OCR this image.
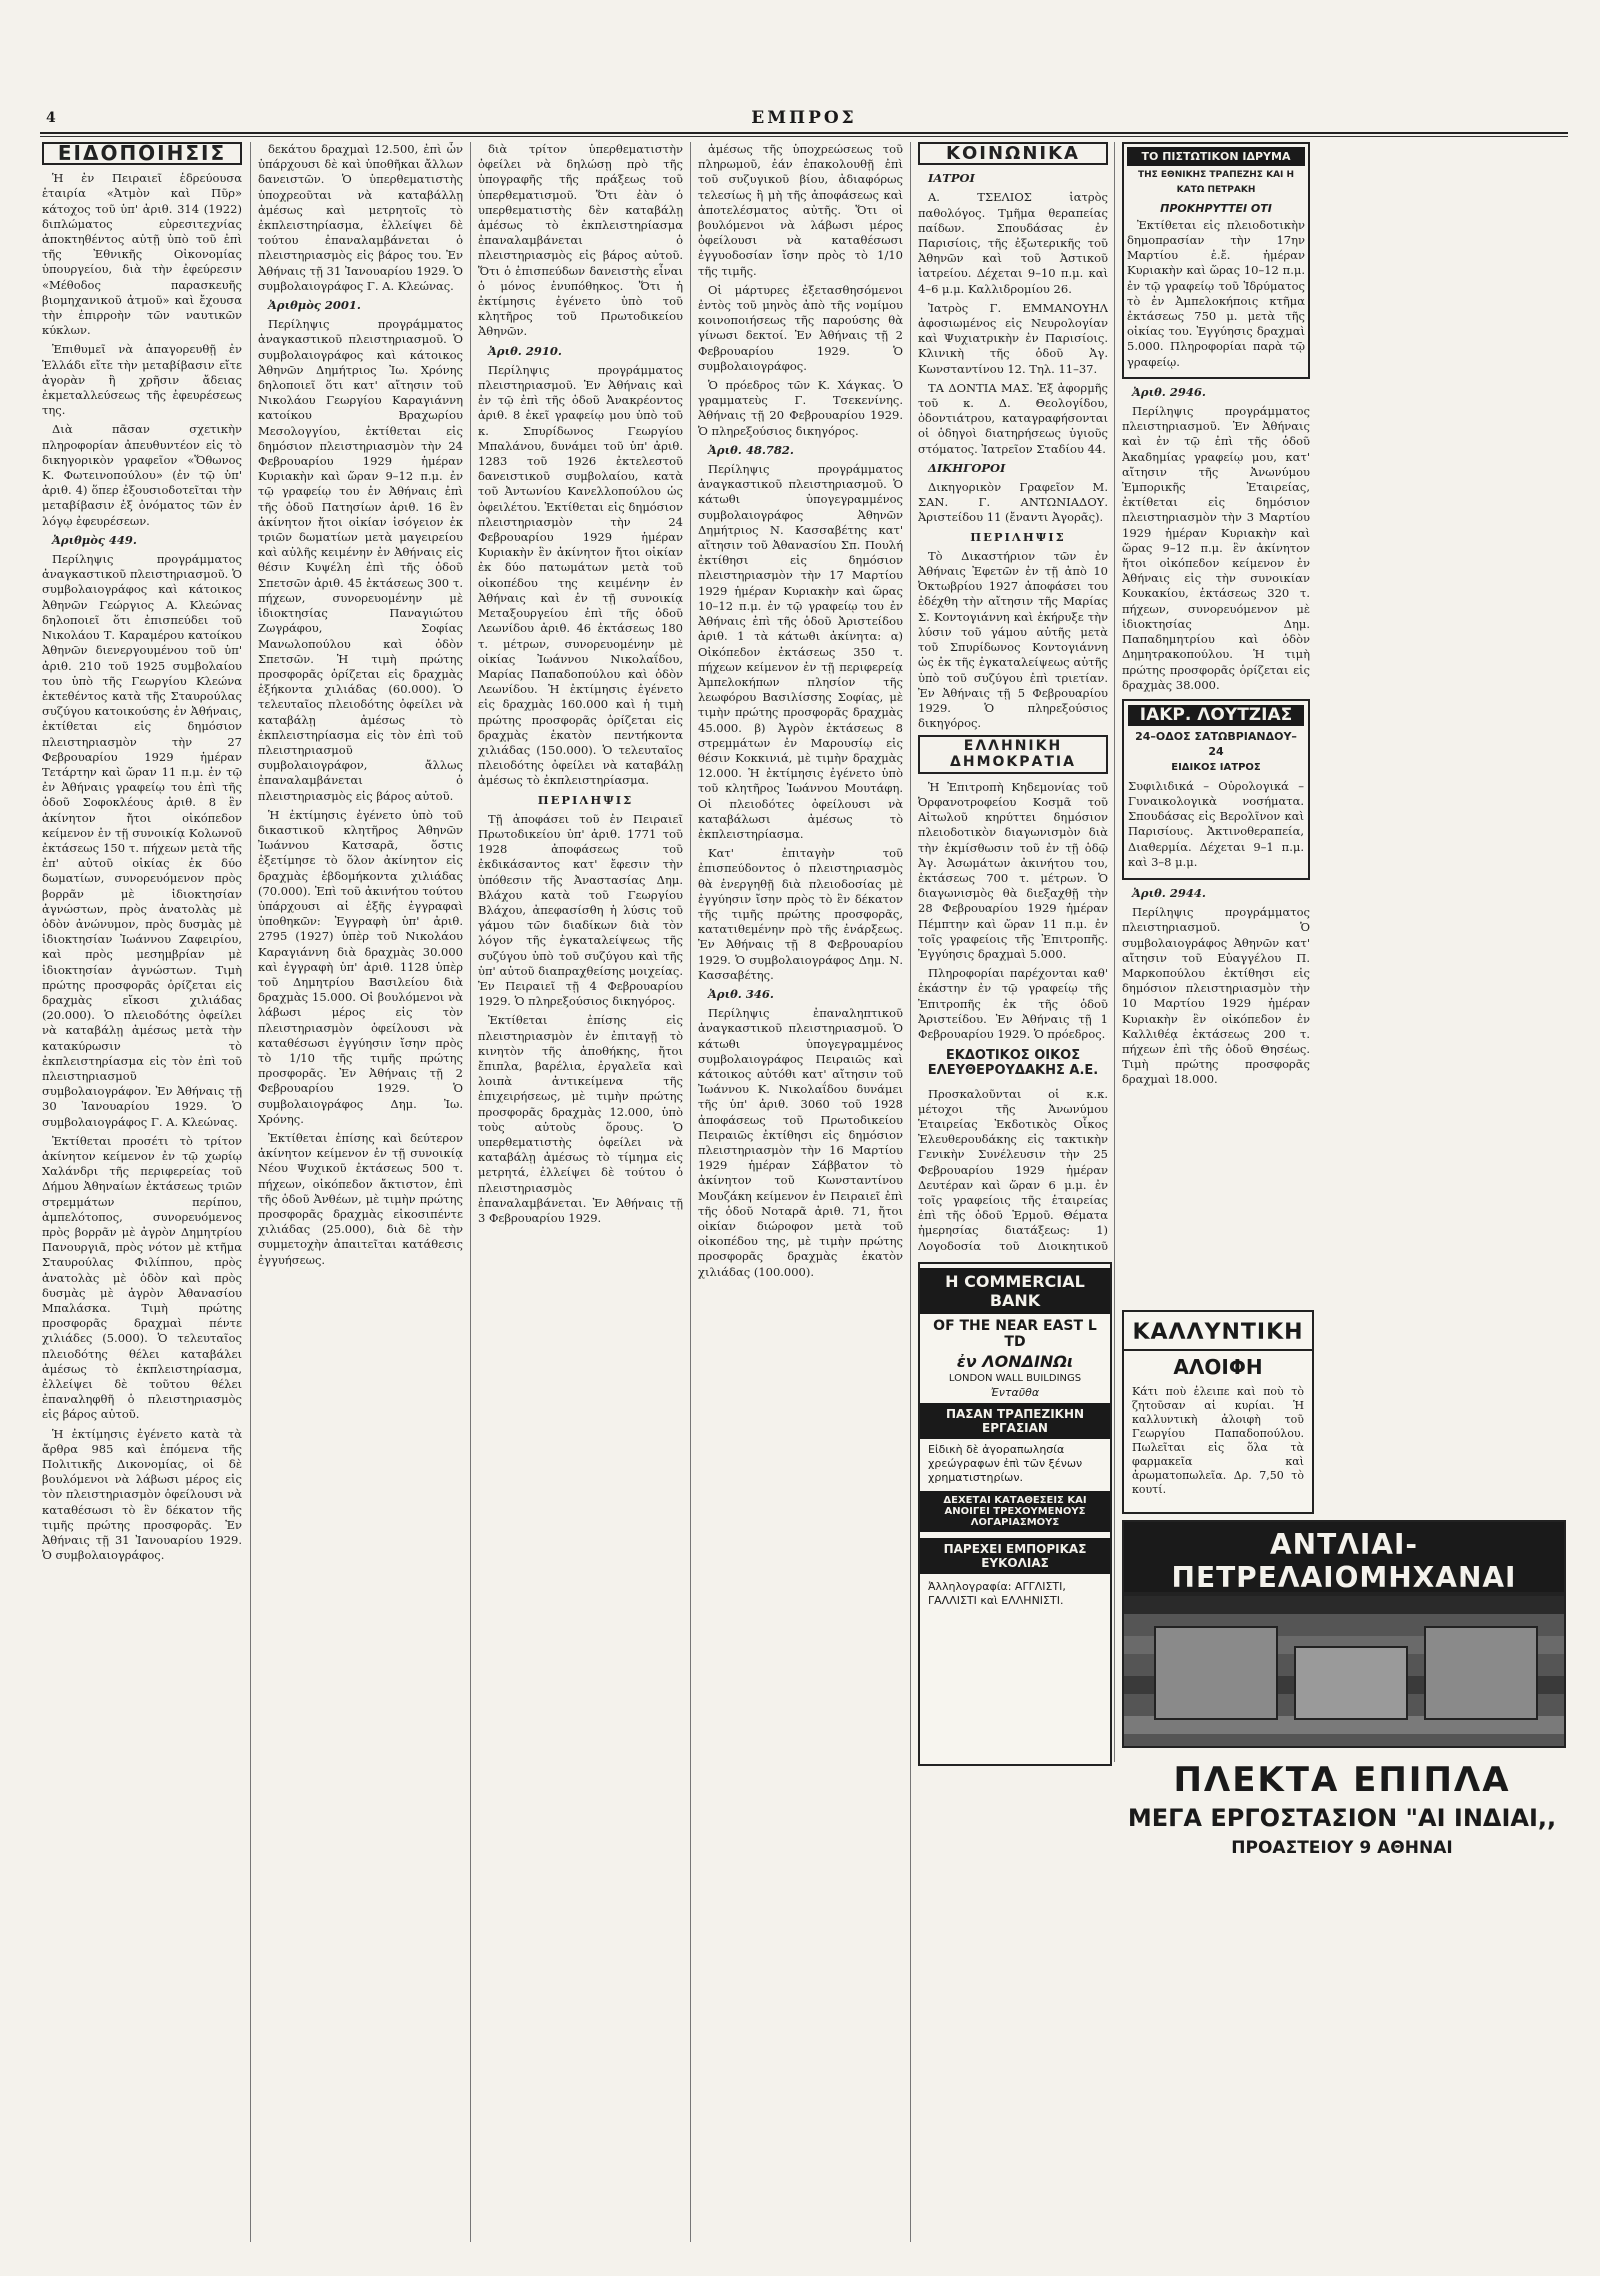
4	ΕΜΠΡΟΣ
ΕΙΔΟΠΟΙΗΣΙΣ

Ἡ ἐν Πειραιεῖ ἑδρεύουσα ἑταιρία «Ἀτμὸν καὶ Πῦρ» κάτοχος τοῦ ὑπ' ἀριθ. 314 (1922) διπλώματος εὑρεσιτεχνίας ἀποκτηθέντος αὐτῇ ὑπὸ τοῦ ἐπὶ τῆς Ἐθνικῆς Οἰκονομίας ὑπουργείου, διὰ τὴν ἐφεύρεσιν «Μέθοδος παρασκευῆς βιομηχανικοῦ ἀτμοῦ» καὶ ἔχουσα τὴν ἐπιρροὴν τῶν ναυτικῶν κύκλων.

Ἐπιθυμεῖ νὰ ἀπαγορευθῇ ἐν Ἑλλάδι εἴτε τὴν μεταβίβασιν εἴτε ἀγορὰν ἢ χρῆσιν ἄδειας ἐκμεταλλεύσεως τῆς ἐφευρέσεως της.

Διὰ πᾶσαν σχετικὴν πληροφορίαν ἀπευθυντέον εἰς τὸ δικηγορικὸν γραφεῖον «Ὅθωνος Κ. Φωτεινοπούλου» (ἐν τῷ ὑπ' ἀριθ. 4) ὅπερ ἐξουσιοδοτεῖται τὴν μεταβίβασιν ἐξ ὀνόματος τῶν ἐν λόγῳ ἐφευρέσεων.

Ἀριθμὸς 449.

Περίληψις προγράμματος ἀναγκαστικοῦ πλειστηριασμοῦ. Ὁ συμβολαιογράφος καὶ κάτοικος Ἀθηνῶν Γεώργιος Α. Κλεώνας δηλοποιεῖ ὅτι ἐπισπεύδει τοῦ Νικολάου Τ. Καραμέρου κατοίκου Ἀθηνῶν διενεργουμένου τοῦ ὑπ' ἀριθ. 210 τοῦ 1925 συμβολαίου του ὑπὸ τῆς Γεωργίου Κλεώνα ἐκτεθέντος κατὰ τῆς Σταυρούλας συζύγου κατοικούσης ἐν Ἀθήναις, ἐκτίθεται εἰς δημόσιον πλειστηριασμὸν τὴν 27 Φεβρουαρίου 1929 ἡμέραν Τετάρτην καὶ ὥραν 11 π.μ. ἐν τῷ ἐν Ἀθήναις γραφείῳ του ἐπὶ τῆς ὁδοῦ Σοφοκλέους ἀριθ. 8 ἓν ἀκίνητον ἤτοι οἰκόπεδον κείμενον ἐν τῇ συνοικίᾳ Κολωνοῦ ἐκτάσεως 150 τ. πήχεων μετὰ τῆς ἐπ' αὐτοῦ οἰκίας ἐκ δύο δωματίων, συνορευόμενον πρὸς βορρᾶν μὲ ἰδιοκτησίαν ἀγνώστων, πρὸς ἀνατολὰς μὲ ὁδὸν ἀνώνυμον, πρὸς δυσμὰς μὲ ἰδιοκτησίαν Ἰωάννου Ζαφειρίου, καὶ πρὸς μεσημβρίαν μὲ ἰδιοκτησίαν ἀγνώστων. Τιμὴ πρώτης προσφορᾶς ὁρίζεται εἰς δραχμὰς εἴκοσι χιλιάδας (20.000). Ὁ πλειοδότης ὀφείλει νὰ καταβάλῃ ἀμέσως μετὰ τὴν κατακύρωσιν τὸ ἐκπλειστηρίασμα εἰς τὸν ἐπὶ τοῦ πλειστηριασμοῦ συμβολαιογράφον. Ἐν Ἀθήναις τῇ 30 Ἰανουαρίου 1929. Ὁ συμβολαιογράφος Γ. Α. Κλεώνας.

Ἐκτίθεται προσέτι τὸ τρίτον ἀκίνητον κείμενον ἐν τῷ χωρίῳ Χαλάνδρι τῆς περιφερείας τοῦ Δήμου Ἀθηναίων ἐκτάσεως τριῶν στρεμμάτων περίπου, ἀμπελότοπος, συνορευόμενος πρὸς βορρᾶν μὲ ἀγρὸν Δημητρίου Πανουργιᾶ, πρὸς νότον μὲ κτῆμα Σταυρούλας Φιλίππου, πρὸς ἀνατολὰς μὲ ὁδὸν καὶ πρὸς δυσμὰς μὲ ἀγρὸν Ἀθανασίου Μπαλάσκα. Τιμὴ πρώτης προσφορᾶς δραχμαὶ πέντε χιλιάδες (5.000). Ὁ τελευταῖος πλειοδότης θέλει καταβάλει ἀμέσως τὸ ἐκπλειστηρίασμα, ἐλλείψει δὲ τοῦτου θέλει ἐπαναληφθῆ ὁ πλειστηριασμὸς εἰς βάρος αὐτοῦ.

Ἡ ἐκτίμησις ἐγένετο κατὰ τὰ ἄρθρα 985 καὶ ἑπόμενα τῆς Πολιτικῆς Δικονομίας, οἱ δὲ βουλόμενοι νὰ λάβωσι μέρος εἰς τὸν πλειστηριασμὸν ὀφείλουσι νὰ καταθέσωσι τὸ ἓν δέκατον τῆς τιμῆς πρώτης προσφορᾶς. Ἐν Ἀθήναις τῇ 31 Ἰανουαρίου 1929. Ὁ συμβολαιογράφος.

δεκάτου δραχμαὶ 12.500, ἐπὶ ὧν ὑπάρχουσι δὲ καὶ ὑποθῆκαι ἄλλων δανειστῶν. Ὁ ὑπερθεματιστὴς ὑποχρεοῦται νὰ καταβάλλῃ ἀμέσως καὶ μετρητοῖς τὸ ἐκπλειστηρίασμα, ἐλλείψει δὲ τούτου ἐπαναλαμβάνεται ὁ πλειστηριασμὸς εἰς βάρος του. Ἐν Ἀθήναις τῇ 31 Ἰανουαρίου 1929. Ὁ συμβολαιογράφος Γ. Α. Κλεώνας.

Ἀριθμὸς 2001.

Περίληψις προγράμματος ἀναγκαστικοῦ πλειστηριασμοῦ. Ὁ συμβολαιογράφος καὶ κάτοικος Ἀθηνῶν Δημήτριος Ἰω. Χρόνης δηλοποιεῖ ὅτι κατ' αἴτησιν τοῦ Νικολάου Γεωργίου Καραγιάννη κατοίκου Βραχωρίου Μεσολογγίου, ἐκτίθεται εἰς δημόσιον πλειστηριασμὸν τὴν 24 Φεβρουαρίου 1929 ἡμέραν Κυριακὴν καὶ ὥραν 9–12 π.μ. ἐν τῷ γραφείῳ του ἐν Ἀθήναις ἐπὶ τῆς ὁδοῦ Πατησίων ἀριθ. 16 ἓν ἀκίνητον ἤτοι οἰκίαν ἰσόγειον ἐκ τριῶν δωματίων μετὰ μαγειρείου καὶ αὐλῆς κειμένην ἐν Ἀθήναις εἰς θέσιν Κυψέλη ἐπὶ τῆς ὁδοῦ Σπετσῶν ἀριθ. 45 ἐκτάσεως 300 τ. πήχεων, συνορευομένην μὲ ἰδιοκτησίας Παναγιώτου Ζωγράφου, Σοφίας Μανωλοπούλου καὶ ὁδὸν Σπετσῶν. Ἡ τιμὴ πρώτης προσφορᾶς ὁρίζεται εἰς δραχμὰς ἑξήκοντα χιλιάδας (60.000). Ὁ τελευταῖος πλειοδότης ὀφείλει νὰ καταβάλῃ ἀμέσως τὸ ἐκπλειστηρίασμα εἰς τὸν ἐπὶ τοῦ πλειστηριασμοῦ συμβολαιογράφον, ἄλλως ἐπαναλαμβάνεται ὁ πλειστηριασμὸς εἰς βάρος αὐτοῦ.

Ἡ ἐκτίμησις ἐγένετο ὑπὸ τοῦ δικαστικοῦ κλητῆρος Ἀθηνῶν Ἰωάννου Κατσαρᾶ, ὅστις ἐξετίμησε τὸ ὅλον ἀκίνητον εἰς δραχμὰς ἑβδομήκοντα χιλιάδας (70.000). Ἐπὶ τοῦ ἀκινήτου τούτου ὑπάρχουσι αἱ ἑξῆς ἐγγραφαὶ ὑποθηκῶν: Ἐγγραφὴ ὑπ' ἀριθ. 2795 (1927) ὑπὲρ τοῦ Νικολάου Καραγιάννη διὰ δραχμὰς 30.000 καὶ ἐγγραφὴ ὑπ' ἀριθ. 1128 ὑπὲρ τοῦ Δημητρίου Βασιλείου διὰ δραχμὰς 15.000. Οἱ βουλόμενοι νὰ λάβωσι μέρος εἰς τὸν πλειστηριασμὸν ὀφείλουσι νὰ καταθέσωσι ἐγγύησιν ἴσην πρὸς τὸ 1/10 τῆς τιμῆς πρώτης προσφορᾶς. Ἐν Ἀθήναις τῇ 2 Φεβρουαρίου 1929. Ὁ συμβολαιογράφος Δημ. Ἰω. Χρόνης.

Ἐκτίθεται ἐπίσης καὶ δεύτερον ἀκίνητον κείμενον ἐν τῇ συνοικίᾳ Νέου Ψυχικοῦ ἐκτάσεως 500 τ. πήχεων, οἰκόπεδον ἄκτιστον, ἐπὶ τῆς ὁδοῦ Ἀνθέων, μὲ τιμὴν πρώτης προσφορᾶς δραχμὰς εἰκοσιπέντε χιλιάδας (25.000), διὰ δὲ τὴν συμμετοχὴν ἀπαιτεῖται κατάθεσις ἐγγυήσεως.

διὰ τρίτον ὑπερθεματιστὴν ὀφείλει νὰ δηλώσῃ πρὸ τῆς ὑπογραφῆς τῆς πράξεως τοῦ ὑπερθεματισμοῦ. Ὅτι ἐὰν ὁ υπερθεματιστὴς δὲν καταβάλῃ ἀμέσως τὸ ἐκπλειστηρίασμα ἐπαναλαμβάνεται ὁ πλειστηριασμὸς εἰς βάρος αὐτοῦ. Ὅτι ὁ ἐπισπεύδων δανειστὴς εἶναι ὁ μόνος ἐνυπόθηκος. Ὅτι ἡ ἐκτίμησις ἐγένετο ὑπὸ τοῦ κλητῆρος τοῦ Πρωτοδικείου Ἀθηνῶν.

Ἀριθ. 2910.

Περίληψις προγράμματος πλειστηριασμοῦ. Ἐν Ἀθήναις καὶ ἐν τῷ ἐπὶ τῆς ὁδοῦ Ἀνακρέοντος ἀριθ. 8 ἐκεῖ γραφείῳ μου ὑπὸ τοῦ κ. Σπυρίδωνος Γεωργίου Μπαλάνου, δυνάμει τοῦ ὑπ' ἀριθ. 1283 τοῦ 1926 ἐκτελεστοῦ δανειστικοῦ συμβολαίου, κατὰ τοῦ Ἀντωνίου Κανελλοπούλου ὡς ὀφειλέτου. Ἐκτίθεται εἰς δημόσιον πλειστηριασμὸν τὴν 24 Φεβρουαρίου 1929 ἡμέραν Κυριακὴν ἓν ἀκίνητον ἤτοι οἰκίαν ἐκ δύο πατωμάτων μετὰ τοῦ οἰκοπέδου της κειμένην ἐν Ἀθήναις καὶ ἐν τῇ συνοικίᾳ Μεταξουργείου ἐπὶ τῆς ὁδοῦ Λεωνίδου ἀριθ. 46 ἐκτάσεως 180 τ. μέτρων, συνορευομένην μὲ οἰκίας Ἰωάννου Νικολαΐδου, Μαρίας Παπαδοπούλου καὶ ὁδὸν Λεωνίδου. Ἡ ἐκτίμησις ἐγένετο εἰς δραχμὰς 160.000 καὶ ἡ τιμὴ πρώτης προσφορᾶς ὁρίζεται εἰς δραχμὰς ἑκατὸν πεντήκοντα χιλιάδας (150.000). Ὁ τελευταῖος πλειοδότης ὀφείλει νὰ καταβάλῃ ἀμέσως τὸ ἐκπλειστηρίασμα.

ΠΕΡΙΛΗΨΙΣ

Τῇ ἀποφάσει τοῦ ἐν Πειραιεῖ Πρωτοδικείου ὑπ' ἀριθ. 1771 τοῦ 1928 ἀποφάσεως τοῦ ἐκδικάσαντος κατ' ἔφεσιν τὴν ὑπόθεσιν τῆς Ἀναστασίας Δημ. Βλάχου κατὰ τοῦ Γεωργίου Βλάχου, ἀπεφασίσθη ἡ λύσις τοῦ γάμου τῶν διαδίκων διὰ τὸν λόγον τῆς ἐγκαταλείψεως τῆς συζύγου ὑπὸ τοῦ συζύγου καὶ τῆς ὑπ' αὐτοῦ διαπραχθείσης μοιχείας. Ἐν Πειραιεῖ τῇ 4 Φεβρουαρίου 1929. Ὁ πληρεξούσιος δικηγόρος.

Ἐκτίθεται ἐπίσης εἰς πλειστηριασμὸν ἐν ἐπιταγῇ τὸ κινητὸν τῆς ἀποθήκης, ἤτοι ἔπιπλα, βαρέλια, ἐργαλεῖα καὶ λοιπὰ ἀντικείμενα τῆς ἐπιχειρήσεως, μὲ τιμὴν πρώτης προσφορᾶς δραχμὰς 12.000, ὑπὸ τοὺς αὐτοὺς ὅρους. Ὁ υπερθεματιστὴς ὀφείλει νὰ καταβάλῃ ἀμέσως τὸ τίμημα εἰς μετρητά, ἐλλείψει δὲ τούτου ὁ πλειστηριασμὸς ἐπαναλαμβάνεται. Ἐν Ἀθήναις τῇ 3 Φεβρουαρίου 1929.

ἀμέσως τῆς ὑποχρεώσεως τοῦ πληρωμοῦ, ἐάν ἐπακολουθῇ ἐπὶ τοῦ συζυγικοῦ βίου, ἀδιαφόρως τελεσίως ἢ μὴ τῆς ἀποφάσεως καὶ ἀποτελέσματος αὐτῆς. Ὅτι οἱ βουλόμενοι νὰ λάβωσι μέρος ὀφείλουσι νὰ καταθέσωσι ἐγγυοδοσίαν ἴσην πρὸς τὸ 1/10 τῆς τιμῆς.

Οἱ μάρτυρες ἐξετασθησόμενοι ἐντὸς τοῦ μηνὸς ἀπὸ τῆς νομίμου κοινοποιήσεως τῆς παρούσης θὰ γίνωσι δεκτοί. Ἐν Ἀθήναις τῇ 2 Φεβρουαρίου 1929. Ὁ συμβολαιογράφος.

Ὁ πρόεδρος τῶν Κ. Χάγκας. Ὁ γραμματεὺς Γ. Τσεκενίνης. Ἀθήναις τῇ 20 Φεβρουαρίου 1929. Ὁ πληρεξούσιος δικηγόρος.

Ἀριθ. 48.782.

Περίληψις προγράμματος ἀναγκαστικοῦ πλειστηριασμοῦ. Ὁ κάτωθι ὑπογεγραμμένος συμβολαιογράφος Ἀθηνῶν Δημήτριος Ν. Κασσαβέτης κατ' αἴτησιν τοῦ Ἀθανασίου Σπ. Πουλή ἐκτίθησι εἰς δημόσιον πλειστηριασμὸν τὴν 17 Μαρτίου 1929 ἡμέραν Κυριακὴν καὶ ὥρας 10–12 π.μ. ἐν τῷ γραφείῳ του ἐν Ἀθήναις ἐπὶ τῆς ὁδοῦ Ἀριστείδου ἀριθ. 1 τὰ κάτωθι ἀκίνητα: α) Οἰκόπεδον ἐκτάσεως 350 τ. πήχεων κείμενον ἐν τῇ περιφερείᾳ Ἀμπελοκήπων πλησίον τῆς λεωφόρου Βασιλίσσης Σοφίας, μὲ τιμὴν πρώτης προσφορᾶς δραχμὰς 45.000. β) Ἀγρὸν ἐκτάσεως 8 στρεμμάτων ἐν Μαρουσίῳ εἰς θέσιν Κοκκινιά, μὲ τιμὴν δραχμὰς 12.000. Ἡ ἐκτίμησις ἐγένετο ὑπὸ τοῦ κλητῆρος Ἰωάννου Μουτάφη. Οἱ πλειοδότες ὀφείλουσι νὰ καταβάλωσι ἀμέσως τὸ ἐκπλειστηρίασμα.

Κατ' ἐπιταγὴν τοῦ ἐπισπεύδοντος ὁ πλειστηριασμὸς θὰ ἐνεργηθῇ διὰ πλειοδοσίας μὲ ἐγγύησιν ἴσην πρὸς τὸ ἓν δέκατον τῆς τιμῆς πρώτης προσφορᾶς, κατατιθεμένην πρὸ τῆς ἐνάρξεως. Ἐν Ἀθήναις τῇ 8 Φεβρουαρίου 1929. Ὁ συμβολαιογράφος Δημ. Ν. Κασσαβέτης.

Ἀριθ. 346.

Περίληψις ἐπαναληπτικοῦ ἀναγκαστικοῦ πλειστηριασμοῦ. Ὁ κάτωθι ὑπογεγραμμένος συμβολαιογράφος Πειραιῶς καὶ κάτοικος αὐτόθι κατ' αἴτησιν τοῦ Ἰωάννου Κ. Νικολαΐδου δυνάμει τῆς ὑπ' ἀριθ. 3060 τοῦ 1928 ἀποφάσεως τοῦ Πρωτοδικείου Πειραιῶς ἐκτίθησι εἰς δημόσιον πλειστηριασμὸν τὴν 16 Μαρτίου 1929 ἡμέραν Σάββατον τὸ ἀκίνητον τοῦ Κωνσταντίνου Μουζάκη κείμενον ἐν Πειραιεῖ ἐπὶ τῆς ὁδοῦ Νοταρᾶ ἀριθ. 71, ἤτοι οἰκίαν διώροφον μετὰ τοῦ οἰκοπέδου της, μὲ τιμὴν πρώτης προσφορᾶς δραχμὰς ἑκατὸν χιλιάδας (100.000).

ΚΟΙΝΩΝΙΚΑ

ΙΑΤΡΟΙ

Α. ΤΣΕΛΙΟΣ ἰατρὸς παθολόγος. Τμῆμα θεραπείας παίδων. Σπουδάσας ἐν Παρισίοις, τῆς ἐξωτερικῆς τοῦ Ἀθηνῶν καὶ τοῦ Ἀστικοῦ ἰατρείου. Δέχεται 9–10 π.μ. καὶ 4–6 μ.μ. Καλλιδρομίου 26.

Ἰατρὸς Γ. ΕΜΜΑΝΟΥΗΛ ἀφοσιωμένος εἰς Νευρολογίαν καὶ Ψυχιατρικὴν ἐν Παρισίοις. Κλινικὴ τῆς ὁδοῦ Ἀγ. Κωνσταντίνου 12. Τηλ. 11–37.

ΤΑ ΔΟΝΤΙΑ ΜΑΣ. Ἐξ ἀφορμῆς τοῦ κ. Δ. Θεολογίδου, ὀδοντιάτρου, καταγραφήσονται οἱ ὁδηγοὶ διατηρήσεως ὑγιοῦς στόματος. Ἰατρεῖον Σταδίου 44.

ΔΙΚΗΓΟΡΟΙ

Δικηγορικὸν Γραφεῖον Μ. ΣΑΝ. Γ. ΑΝΤΩΝΙΑΔΟΥ. Ἀριστείδου 11 (ἔναντι Ἀγορᾶς).

ΠΕΡΙΛΗΨΙΣ

Τὸ Δικαστήριον τῶν ἐν Ἀθήναις Ἐφετῶν ἐν τῇ ἀπὸ 10 Ὀκτωβρίου 1927 ἀποφάσει του ἐδέχθη τὴν αἴτησιν τῆς Μαρίας Σ. Κοντογιάννη καὶ ἐκήρυξε τὴν λύσιν τοῦ γάμου αὐτῆς μετὰ τοῦ Σπυρίδωνος Κοντογιάννη ὡς ἐκ τῆς ἐγκαταλείψεως αὐτῆς ὑπὸ τοῦ συζύγου ἐπὶ τριετίαν. Ἐν Ἀθήναις τῇ 5 Φεβρουαρίου 1929. Ὁ πληρεξούσιος δικηγόρος.

ΕΛΛΗΝΙΚΗ ΔΗΜΟΚΡΑΤΙΑ

Ἡ Ἐπιτροπὴ Κηδεμονίας τοῦ Ὀρφανοτροφείου Κοσμᾶ τοῦ Αἰτωλοῦ κηρύττει δημόσιον πλειοδοτικὸν διαγωνισμὸν διὰ τὴν ἐκμίσθωσιν τοῦ ἐν τῇ ὁδῷ Ἀγ. Ἀσωμάτων ἀκινήτου του, ἐκτάσεως 700 τ. μέτρων. Ὁ διαγωνισμὸς θὰ διεξαχθῇ τὴν 28 Φεβρουαρίου 1929 ἡμέραν Πέμπτην καὶ ὥραν 11 π.μ. ἐν τοῖς γραφείοις τῆς Ἐπιτροπῆς. Ἐγγύησις δραχμαὶ 5.000.

Πληροφορίαι παρέχονται καθ' ἑκάστην ἐν τῷ γραφείῳ τῆς Ἐπιτροπῆς ἐκ τῆς ὁδοῦ Ἀριστείδου. Ἐν Ἀθήναις τῇ 1 Φεβρουαρίου 1929. Ὁ πρόεδρος.

ΕΚΔΟΤΙΚΟΣ ΟΙΚΟΣ ΕΛΕΥΘΕΡΟΥΔΑΚΗΣ Α.Ε.

Προσκαλοῦνται οἱ κ.κ. μέτοχοι τῆς Ἀνωνύμου Ἑταιρείας Ἐκδοτικὸς Οἶκος Ἐλευθερουδάκης εἰς τακτικὴν Γενικὴν Συνέλευσιν τὴν 25 Φεβρουαρίου 1929 ἡμέραν Δευτέραν καὶ ὥραν 6 μ.μ. ἐν τοῖς γραφείοις τῆς ἑταιρείας ἐπὶ τῆς ὁδοῦ Ἑρμοῦ. Θέματα ἡμερησίας διατάξεως: 1) Λογοδοσία τοῦ Διοικητικοῦ

Η COMMERCIAL BANK
OF THE NEAR EAST L TD
ἐν ΛΟΝΔΙΝΩι
LONDON WALL BUILDINGS
Ἐνταῦθα
ΠΑΣΑΝ ΤΡΑΠΕΖΙΚΗΝ ΕΡΓΑΣΙΑΝ

Εἰδικὴ δὲ ἀγοραπωλησία χρεώγραφων ἐπὶ τῶν ξένων χρηματιστηρίων.

ΔΕΧΕΤΑΙ ΚΑΤΑΘΕΣΕΙΣ ΚΑΙ ΑΝΟΙΓΕΙ ΤΡΕΧΟΥΜΕΝΟΥΣ ΛΟΓΑΡΙΑΣΜΟΥΣ
ΠΑΡΕΧΕΙ ΕΜΠΟΡΙΚΑΣ ΕΥΚΟΛΙΑΣ

Ἀλληλογραφία: ΑΓΓΛΙΣΤΙ, ΓΑΛΛΙΣΤΙ καὶ ΕΛΛΗΝΙΣΤΙ.

ΤΟ ΠΙΣΤΩΤΙΚΟΝ ΙΔΡΥΜΑ
ΤΗΣ ΕΘΝΙΚΗΣ ΤΡΑΠΕΖΗΣ ΚΑΙ Η ΚΑΤΩ ΠΕΤΡΑΚΗ
ΠΡΟΚΗΡΥΤΤΕΙ ΟΤΙ

Ἐκτίθεται εἰς πλειοδοτικὴν δημοπρασίαν τὴν 17ην Μαρτίου ἐ.ἔ. ἡμέραν Κυριακὴν καὶ ὥρας 10–12 π.μ. ἐν τῷ γραφείῳ τοῦ Ἱδρύματος τὸ ἐν Ἀμπελοκήποις κτῆμα ἐκτάσεως 750 μ. μετὰ τῆς οἰκίας του. Ἐγγύησις δραχμαὶ 5.000. Πληροφορίαι παρὰ τῷ γραφείῳ.

Ἀριθ. 2946.

Περίληψις προγράμματος πλειστηριασμοῦ. Ἐν Ἀθήναις καὶ ἐν τῷ ἐπὶ τῆς ὁδοῦ Ἀκαδημίας γραφείῳ μου, κατ' αἴτησιν τῆς Ἀνωνύμου Ἐμπορικῆς Ἑταιρείας, ἐκτίθεται εἰς δημόσιον πλειστηριασμὸν τὴν 3 Μαρτίου 1929 ἡμέραν Κυριακὴν καὶ ὥρας 9–12 π.μ. ἓν ἀκίνητον ἤτοι οἰκόπεδον κείμενον ἐν Ἀθήναις εἰς τὴν συνοικίαν Κουκακίου, ἐκτάσεως 320 τ. πήχεων, συνορευόμενον μὲ ἰδιοκτησίας Δημ. Παπαδημητρίου καὶ ὁδὸν Δημητρακοπούλου. Ἡ τιμὴ πρώτης προσφορᾶς ὁρίζεται εἰς δραχμὰς 38.000.

ΙΑΚΡ. ΛΟΥΤΖΙΑΣ
24–ΟΔΟΣ ΣΑΤΩΒΡΙΑΝΔΟΥ–24
ΕΙΔΙΚΟΣ ΙΑΤΡΟΣ

Συφιλιδικά – Οὐρολογικά – Γυναικολογικὰ νοσήματα. Σπουδάσας εἰς Βερολῖνον καὶ Παρισίους. Ἀκτινοθεραπεία, Διαθερμία. Δέχεται 9–1 π.μ. καὶ 3–8 μ.μ.

Ἀριθ. 2944.

Περίληψις προγράμματος πλειστηριασμοῦ. Ὁ συμβολαιογράφος Ἀθηνῶν κατ' αἴτησιν τοῦ Εὐαγγέλου Π. Μαρκοπούλου ἐκτίθησι εἰς δημόσιον πλειστηριασμὸν τὴν 10 Μαρτίου 1929 ἡμέραν Κυριακὴν ἓν οἰκόπεδον ἐν Καλλιθέᾳ ἐκτάσεως 200 τ. πήχεων ἐπὶ τῆς ὁδοῦ Θησέως. Τιμὴ πρώτης προσφορᾶς δραχμαὶ 18.000.

ΚΑΛΛΥΝΤΙΚΗ
ΑΛΟΙΦΗ

Κάτι ποὺ ἐλειπε καὶ ποὺ τὸ ζητοῦσαν αἱ κυρίαι. Ἡ καλλυντικὴ ἀλοιφὴ τοῦ Γεωργίου Παπαδοπούλου. Πωλεῖται εἰς ὅλα τὰ φαρμακεῖα καὶ ἀρωματοπωλεῖα. Δρ. 7,50 τὸ κουτί.

ΑΝΤΛΙΑΙ-ΠΕΤΡΕΛΑΙΟΜΗΧΑΝΑΙ
ΠΛΕΚΤΑ ΕΠΙΠΛΑ
ΜΕΓΑ ΕΡΓΟΣΤΑΣΙΟΝ "ΑΙ ΙΝΔΙΑΙ,,
ΠΡΟΑΣΤΕΙΟΥ 9 ΑΘΗΝΑΙ
